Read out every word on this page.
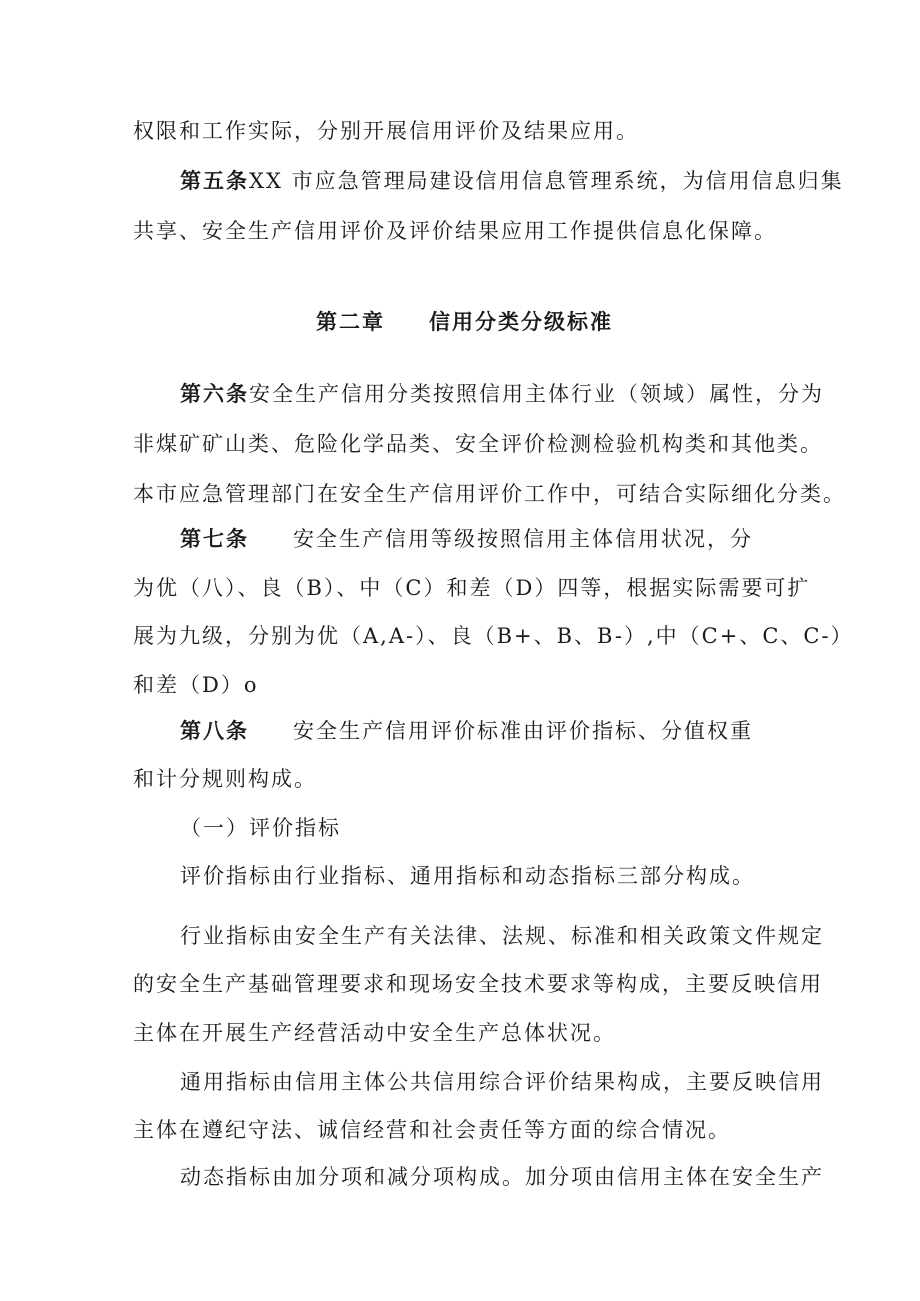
权限和工作实际，分别开展信用评价及结果应用。

第五条XX 市应急管理局建设信用信息管理系统，为信用信息归集

共享、安全生产信用评价及评价结果应用工作提供信息化保障。

第二章 信用分类分级标准

第六条安全生产信用分类按照信用主体行业（领域）属性，分为

非煤矿矿山类、危险化学品类、安全评价检测检验机构类和其他类。

本市应急管理部门在安全生产信用评价工作中，可结合实际细化分类。

第七条 安全生产信用等级按照信用主体信用状况，分

为优（八）、良（B）、中（C）和差（D）四等，根据实际需要可扩

展为九级，分别为优（A,A-）、良（B+、B、B-）,中（C+、C、C-）

和差（D）o

第八条 安全生产信用评价标准由评价指标、分值权重

和计分规则构成。

（一）评价指标

评价指标由行业指标、通用指标和动态指标三部分构成。

行业指标由安全生产有关法律、法规、标准和相关政策文件规定

的安全生产基础管理要求和现场安全技术要求等构成，主要反映信用

主体在开展生产经营活动中安全生产总体状况。

通用指标由信用主体公共信用综合评价结果构成，主要反映信用

主体在遵纪守法、诚信经营和社会责任等方面的综合情况。

动态指标由加分项和减分项构成。加分项由信用主体在安全生产
